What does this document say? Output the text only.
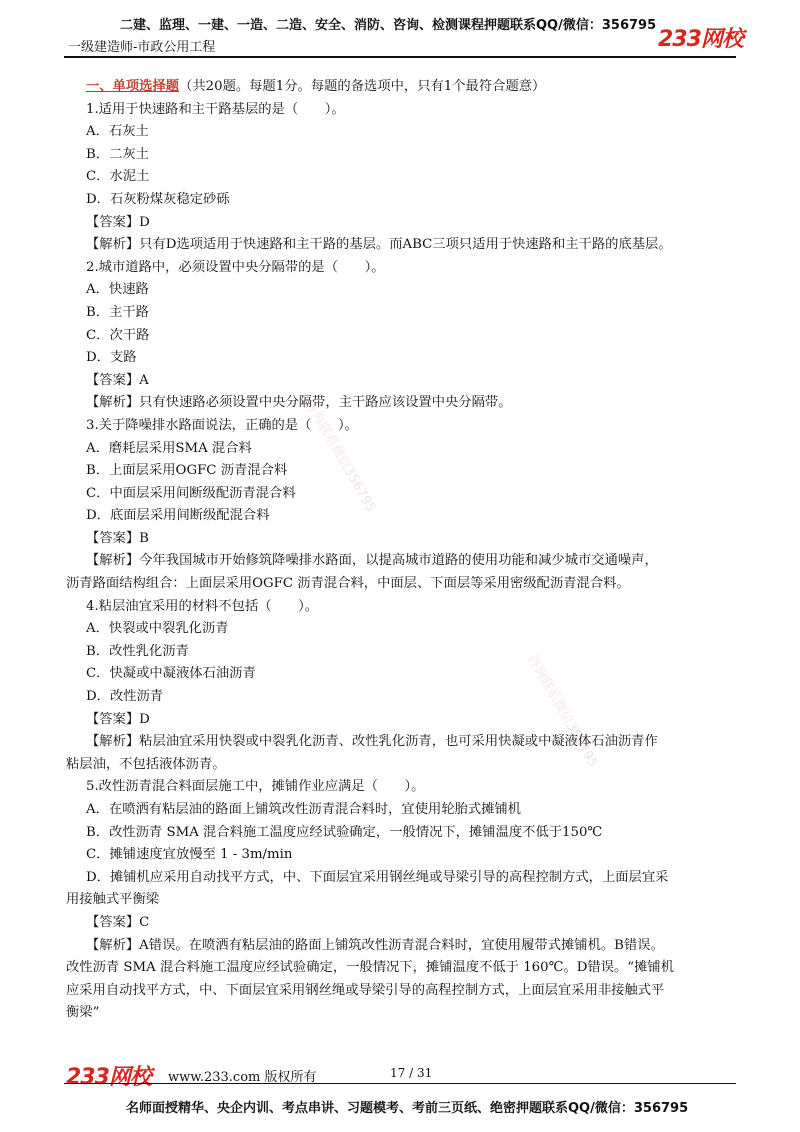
二建、监理、一建、一造、二造、安全、消防、咨询、检测课程押题联系QQ/微信：356795
一级建造师-市政公用工程	233网校
咨询联系微信356795
咨询联系微信356795

一、单项选择题（共20题。每题1分。每题的备选项中，只有1个最符合题意）

1.适用于快速路和主干路基层的是（　　）。

A．石灰土

B．二灰土

C．水泥土

D．石灰粉煤灰稳定砂砾

【答案】D

【解析】只有D选项适用于快速路和主干路的基层。而ABC三项只适用于快速路和主干路的底基层。

2.城市道路中，必须设置中央分隔带的是（　　）。

A．快速路

B．主干路

C．次干路

D．支路

【答案】A

【解析】只有快速路必须设置中央分隔带，主干路应该设置中央分隔带。

3.关于降噪排水路面说法，正确的是（　　）。

A．磨耗层采用SMA 混合料

B．上面层采用OGFC 沥青混合料

C．中面层采用间断级配沥青混合料

D．底面层采用间断级配混合料

【答案】B

【解析】今年我国城市开始修筑降噪排水路面，以提高城市道路的使用功能和减少城市交通噪声，

沥青路面结构组合：上面层采用OGFC 沥青混合料，中面层、下面层等采用密级配沥青混合料。

4.粘层油宜采用的材料不包括（　　）。

A．快裂或中裂乳化沥青

B．改性乳化沥青

C．快凝或中凝液体石油沥青

D．改性沥青

【答案】D

【解析】粘层油宜采用快裂或中裂乳化沥青、改性乳化沥青，也可采用快凝或中凝液体石油沥青作

粘层油，不包括液体沥青。

5.改性沥青混合料面层施工中，摊铺作业应满足（　　）。

A．在喷洒有粘层油的路面上铺筑改性沥青混合料时，宜使用轮胎式摊铺机

B．改性沥青 SMA 混合料施工温度应经试验确定，一般情况下，摊铺温度不低于150℃

C．摊铺速度宜放慢至 1 - 3m/min

D．摊铺机应采用自动找平方式，中、下面层宜采用钢丝绳或导梁引导的高程控制方式，上面层宜采

用接触式平衡梁

【答案】C

【解析】A错误。在喷洒有粘层油的路面上铺筑改性沥青混合料时，宜使用履带式摊铺机。B错误。

改性沥青 SMA 混合料施工温度应经试验确定，一般情况下，摊铺温度不低于 160℃。D错误。“摊铺机

应采用自动找平方式，中、下面层宜采用钢丝绳或导梁引导的高程控制方式，上面层宜采用非接触式平

衡梁”

233网校 www.233.com 版权所有	17 / 31
名师面授精华、央企内训、考点串讲、习题模考、考前三页纸、绝密押题联系QQ/微信：356795
